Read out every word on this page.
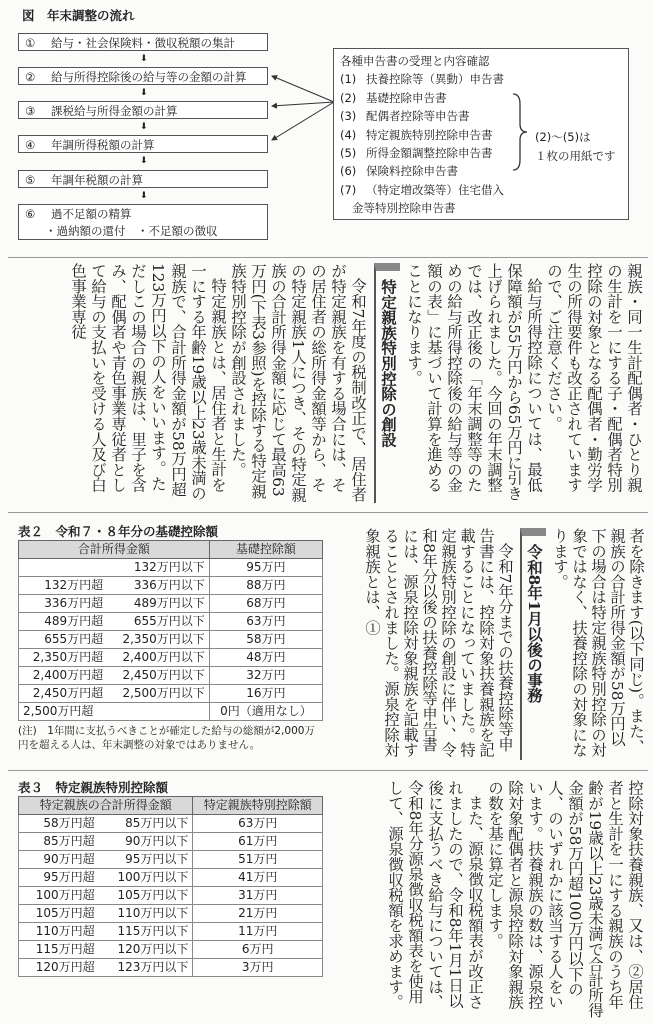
図　年末調整の流れ
① 給与・社会保険料・徴収税額の集計
⬇
② 給与所得控除後の給与等の金額の計算
⬇
③ 課税給与所得金額の計算
⬇
④ 年調所得税額の計算
⬇
⑤ 年調年税額の計算
⬇
⑥ 過不足額の精算
・過納額の還付　・不足額の徴収
各種申告書の受理と内容確認
(1) 扶養控除等（異動）申告書
(2) 基礎控除申告書
(3) 配偶者控除等申告書
(4) 特定親族特別控除申告書
(5) 所得金額調整控除申告書
(6) 保険料控除申告書
(7) （特定増改築等）住宅借入
金等特別控除申告書
(2)〜(5)は
１枚の用紙です

親族・同一生計配偶者・ひとり親の生計を一にする子・配偶者特別控除の対象となる配偶者・勤労学生の所得要件も改正されていますので、ご注意ください。

給与所得控除については、最低保障額が55万円から65万円に引き上げられました。今回の年末調整では、改正後の「年末調整等のための給与所得控除後の給与等の金額の表」に基づいて計算を進めることになります。

特定親族特別控除の創設

令和7年度の税制改正で、居住者が特定親族を有する場合には、その居住者の総所得金額等から、その特定親族1人につき、その特定親族の合計所得金額に応じて最高63万円(下表3参照)を控除する特定親族特別控除が創設されました。

特定親族とは、居住者と生計を一にする年齢19歳以上23歳未満の親族で、合計所得金額が58万円超123万円以下の人をいいます。ただしこの場合の親族は、里子を含み、配偶者や青色事業専従者として給与の支払いを受ける人及び白色事業専従

表２　令和７・８年分の基礎控除額
合計所得金額		基礎控除額
	132万円以下	95万円
132万円超	336万円以下	88万円
336万円超	489万円以下	68万円
489万円超	655万円以下	63万円
655万円超	2,350万円以下	58万円
2,350万円超	2,400万円以下	48万円
2,400万円超	2,450万円以下	32万円
2,450万円超	2,500万円以下	16万円
2,500万円超		0円（適用なし）
(注)　1年間に支払うべきことが確定した給与の総額が2,000万円を超える人は、年末調整の対象ではありません。	者を除きます(以下同じ)。また、親族の合計所得金額が58万円以下の場合は特定親族特別控除の対象ではなく、扶養控除の対象になります。

令和8年1月以後の事務

令和7年分までの扶養控除等申告書には、控除対象扶養親族を記載することになっていました。特定親族特別控除の創設に伴い、令和8年分以後の扶養控除等申告書には、源泉控除対象親族を記載することとされました。源泉控除対象親族とは、①

表３　特定親族特別控除額
特定親族の合計所得金額		特定親族特別控除額
58万円超	85万円以下	63万円
85万円超	90万円以下	61万円
90万円超	95万円以下	51万円
95万円超	100万円以下	41万円
100万円超	105万円以下	31万円
105万円超	110万円以下	21万円
110万円超	115万円以下	11万円
115万円超	120万円以下	6万円
120万円超	123万円以下	3万円	控除対象扶養親族、又は、②居住者と生計を一にする親族のうち年齢が19歳以上23歳未満で合計所得金額が58万円超100万円以下の人、のいずれかに該当する人をいいます。扶養親族の数は、源泉控除対象配偶者と源泉控除対象親族の数を基に算定します。

また、源泉徴収税額表が改正されましたので、令和8年1月1日以後に支払うべき給与については、令和8年分源泉徴収税額表を使用して、源泉徴収税額を求めます。
